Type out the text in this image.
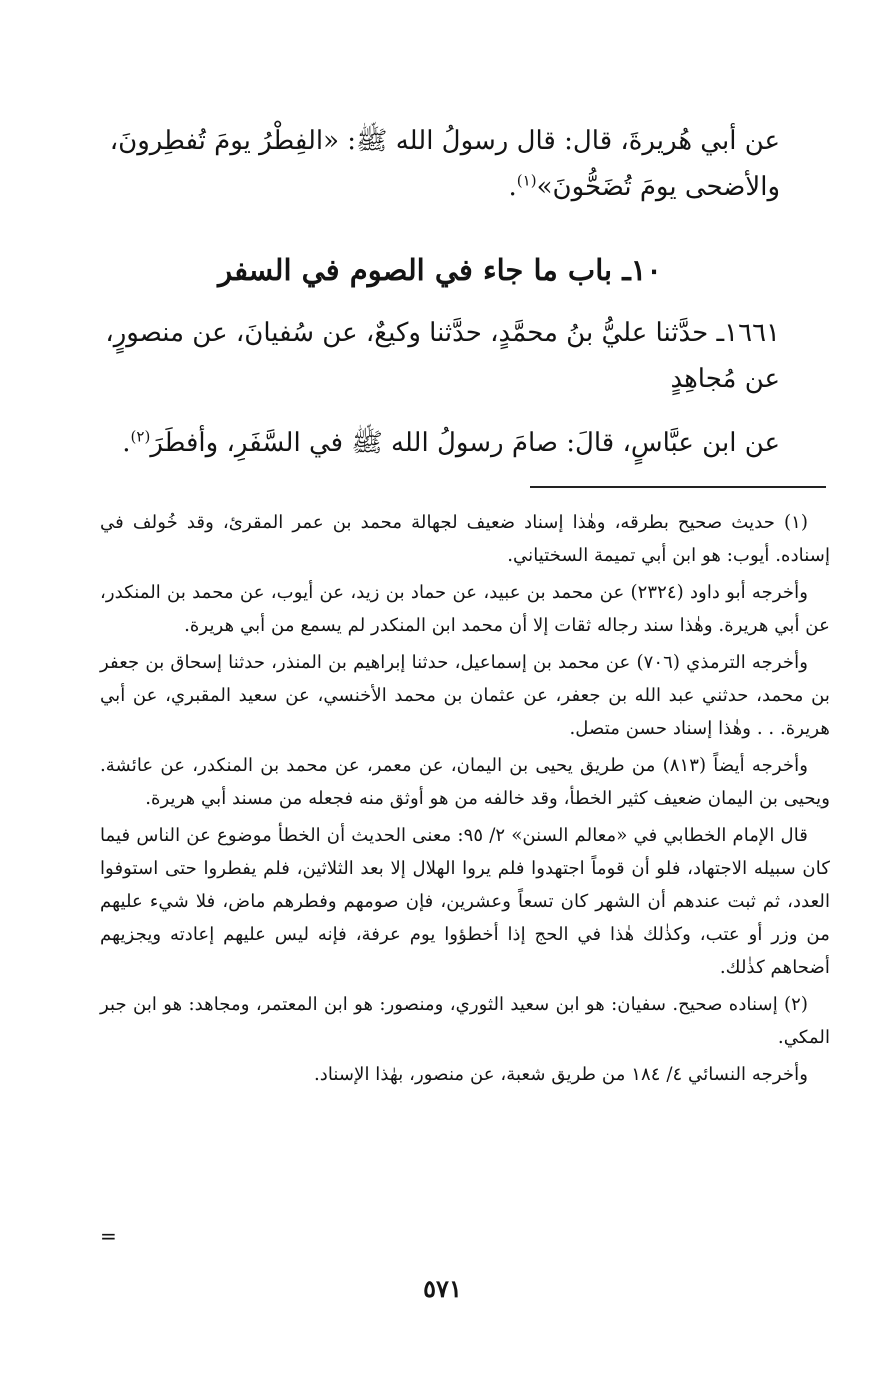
عن أبي هُريرةَ، قال: قال رسولُ الله ﷺ: «الفِطْرُ يومَ تُفطِرونَ،
والأضحى يومَ تُضَحُّونَ»$^{(١)}$.
١٠ـ باب ما جاء في الصوم في السفر
١٦٦١ـ حدَّثنا عليُّ بنُ محمَّدٍ، حدَّثنا وكيعٌ، عن سُفيانَ، عن منصورٍ،
عن مُجاهِدٍ
عن ابن عبَّاسٍ، قالَ: صامَ رسولُ الله ﷺ في السَّفَرِ، وأفطَرَ$^{(٢)}$.

(١) حديث صحيح بطرقه، وهٰذا إسناد ضعيف لجهالة محمد بن عمر المقرئ، وقد خُولف في إسناده. أيوب: هو ابن أبي تميمة السختياني.

وأخرجه أبو داود (٢٣٢٤) عن محمد بن عبيد، عن حماد بن زيد، عن أيوب، عن محمد بن المنكدر، عن أبي هريرة. وهٰذا سند رجاله ثقات إلا أن محمد ابن المنكدر لم يسمع من أبي هريرة.

وأخرجه الترمذي (٧٠٦) عن محمد بن إسماعيل، حدثنا إبراهيم بن المنذر، حدثنا إسحاق بن جعفر بن محمد، حدثني عبد الله بن جعفر، عن عثمان بن محمد الأخنسي، عن سعيد المقبري، عن أبي هريرة. . . وهٰذا إسناد حسن متصل.

وأخرجه أيضاً (٨١٣) من طريق يحيى بن اليمان، عن معمر، عن محمد بن المنكدر، عن عائشة. ويحيى بن اليمان ضعيف كثير الخطأ، وقد خالفه من هو أوثق منه فجعله من مسند أبي هريرة.

قال الإمام الخطابي في «معالم السنن» ٢/ ٩٥: معنى الحديث أن الخطأ موضوع عن الناس فيما كان سبيله الاجتهاد، فلو أن قوماً اجتهدوا فلم يروا الهلال إلا بعد الثلاثين، فلم يفطروا حتى استوفوا العدد، ثم ثبت عندهم أن الشهر كان تسعاً وعشرين، فإن صومهم وفطرهم ماض، فلا شيء عليهم من وزر أو عتب، وكذٰلك هٰذا في الحج إذا أخطؤوا يوم عرفة، فإنه ليس عليهم إعادته ويجزيهم أضحاهم كذٰلك.

(٢) إسناده صحيح. سفيان: هو ابن سعيد الثوري، ومنصور: هو ابن المعتمر، ومجاهد: هو ابن جبر المكي.

وأخرجه النسائي ٤/ ١٨٤ من طريق شعبة، عن منصور، بهٰذا الإسناد.

=
٥٧١
